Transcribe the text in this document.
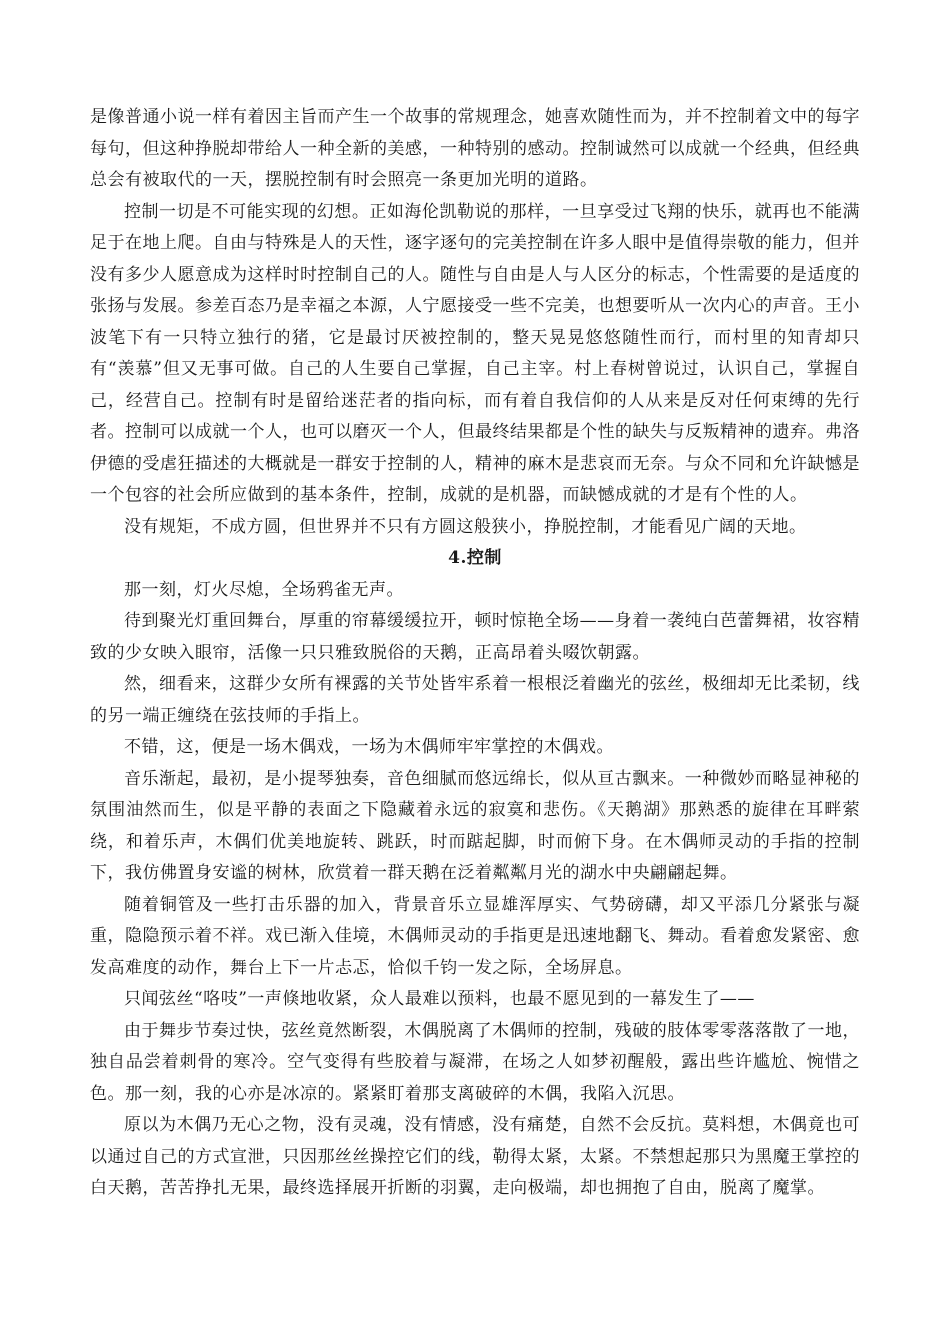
是像普通小说一样有着因主旨而产生一个故事的常规理念，她喜欢随性而为，并不控制着文中的每字每句，但这种挣脱却带给人一种全新的美感，一种特别的感动。控制诚然可以成就一个经典，但经典总会有被取代的一天，摆脱控制有时会照亮一条更加光明的道路。

控制一切是不可能实现的幻想。正如海伦凯勒说的那样，一旦享受过飞翔的快乐，就再也不能满足于在地上爬。自由与特殊是人的天性，逐字逐句的完美控制在许多人眼中是值得崇敬的能力，但并没有多少人愿意成为这样时时控制自己的人。随性与自由是人与人区分的标志，个性需要的是适度的张扬与发展。参差百态乃是幸福之本源，人宁愿接受一些不完美，也想要听从一次内心的声音。王小波笔下有一只特立独行的猪，它是最讨厌被控制的，整天晃晃悠悠随性而行，而村里的知青却只有“羡慕”但又无事可做。自己的人生要自己掌握，自己主宰。村上春树曾说过，认识自己，掌握自己，经营自己。控制有时是留给迷茫者的指向标，而有着自我信仰的人从来是反对任何束缚的先行者。控制可以成就一个人，也可以磨灭一个人，但最终结果都是个性的缺失与反叛精神的遗弃。弗洛伊德的受虐狂描述的大概就是一群安于控制的人，精神的麻木是悲哀而无奈。与众不同和允许缺憾是一个包容的社会所应做到的基本条件，控制，成就的是机器，而缺憾成就的才是有个性的人。

没有规矩，不成方圆，但世界并不只有方圆这般狭小，挣脱控制，才能看见广阔的天地。

4.控制

那一刻，灯火尽熄，全场鸦雀无声。

待到聚光灯重回舞台，厚重的帘幕缓缓拉开，顿时惊艳全场——身着一袭纯白芭蕾舞裙，妆容精致的少女映入眼帘，活像一只只雅致脱俗的天鹅，正高昂着头啜饮朝露。

然，细看来，这群少女所有裸露的关节处皆牢系着一根根泛着幽光的弦丝，极细却无比柔韧，线的另一端正缠绕在弦技师的手指上。

不错，这，便是一场木偶戏，一场为木偶师牢牢掌控的木偶戏。

音乐渐起，最初，是小提琴独奏，音色细腻而悠远绵长，似从亘古飘来。一种微妙而略显神秘的氛围油然而生，似是平静的表面之下隐藏着永远的寂寞和悲伤。《天鹅湖》那熟悉的旋律在耳畔萦绕，和着乐声，木偶们优美地旋转、跳跃，时而踮起脚，时而俯下身。在木偶师灵动的手指的控制下，我仿佛置身安谧的树林，欣赏着一群天鹅在泛着粼粼月光的湖水中央翩翩起舞。

随着铜管及一些打击乐器的加入，背景音乐立显雄浑厚实、气势磅礴，却又平添几分紧张与凝重，隐隐预示着不祥。戏已渐入佳境，木偶师灵动的手指更是迅速地翻飞、舞动。看着愈发紧密、愈发高难度的动作，舞台上下一片忐忑，恰似千钧一发之际，全场屏息。

只闻弦丝“咯吱”一声倏地收紧，众人最难以预料，也最不愿见到的一幕发生了——

由于舞步节奏过快，弦丝竟然断裂，木偶脱离了木偶师的控制，残破的肢体零零落落散了一地，独自品尝着刺骨的寒冷。空气变得有些胶着与凝滞，在场之人如梦初醒般，露出些许尴尬、惋惜之色。那一刻，我的心亦是冰凉的。紧紧盯着那支离破碎的木偶，我陷入沉思。

原以为木偶乃无心之物，没有灵魂，没有情感，没有痛楚，自然不会反抗。莫料想，木偶竟也可以通过自己的方式宣泄，只因那丝丝操控它们的线，勒得太紧，太紧。不禁想起那只为黑魔王掌控的白天鹅，苦苦挣扎无果，最终选择展开折断的羽翼，走向极端，却也拥抱了自由，脱离了魔掌。
